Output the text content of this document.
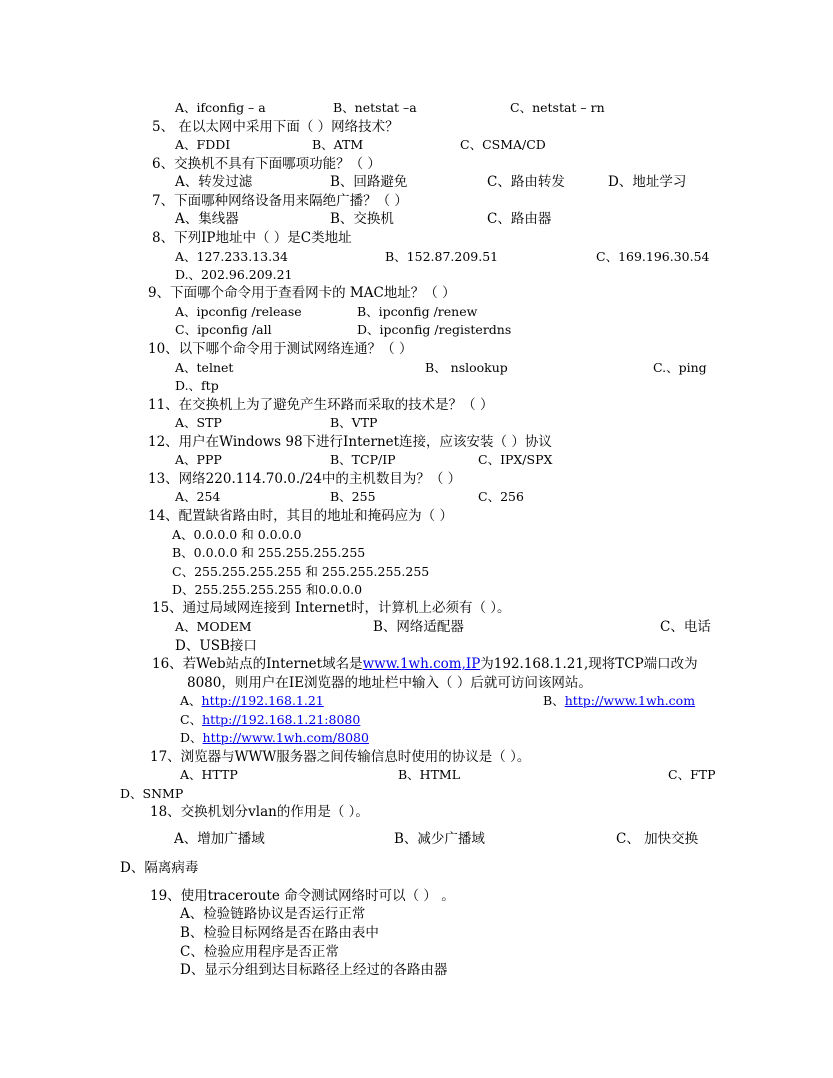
A、ifconfig – a	B、netstat –a	C、netstat – rn
5、 在以太网中采用下面（ ）网络技术？
A、FDDI	B、ATM	C、CSMA/CD
6、交换机不具有下面哪项功能？（ ）
A、转发过滤	B、回路避免	C、路由转发	D、地址学习
7、下面哪种网络设备用来隔绝广播？（ ）
A、集线器	B、交换机	C、路由器
8、下列IP地址中（ ）是C类地址
A、127.233.13.34	B、152.87.209.51	C、169.196.30.54
D.、202.96.209.21
9、下面哪个命令用于查看网卡的 MAC地址？（ ）
A、ipconfig /release	B、ipconfig /renew
C、ipconfig /all	D、ipconfig /registerdns
10、以下哪个命令用于测试网络连通？（ ）
A、telnet	B、 nslookup	C.、ping
D.、ftp
11、在交换机上为了避免产生环路而采取的技术是？（ ）
A、STP	B、VTP
12、用户在Windows 98下进行Internet连接，应该安装（ ）协议
A、PPP	B、TCP/IP	C、IPX/SPX
13、网络220.114.70.0./24中的主机数目为？（ ）
A、254	B、255	C、256
14、配置缺省路由时，其目的地址和掩码应为（ ）
A、0.0.0.0 和 0.0.0.0
B、0.0.0.0 和 255.255.255.255
C、255.255.255.255 和 255.255.255.255
D、255.255.255.255 和0.0.0.0
15、通过局域网连接到 Internet时，计算机上必须有（ ）。
A、MODEM	B、网络适配器	C、电话
D、USB接口
16、若Web站点的Internet域名是www.1wh.com,IP为192.168.1.21,现将TCP端口改为
8080，则用户在IE浏览器的地址栏中输入（ ）后就可访问该网站。
A、http://192.168.1.21	B、http://www.1wh.com
C、http://192.168.1.21:8080
D、http://www.1wh.com/8080
17、浏览器与WWW服务器之间传输信息时使用的协议是（ ）。
A、HTTP	B、HTML	C、FTP
D、SNMP
18、交换机划分vlan的作用是（ ）。
A、增加广播域	B、减少广播域	C、 加快交换
D、隔离病毒
19、使用traceroute 命令测试网络时可以（ ） 。
A、检验链路协议是否运行正常
B、检验目标网络是否在路由表中
C、检验应用程序是否正常
D、显示分组到达目标路径上经过的各路由器
